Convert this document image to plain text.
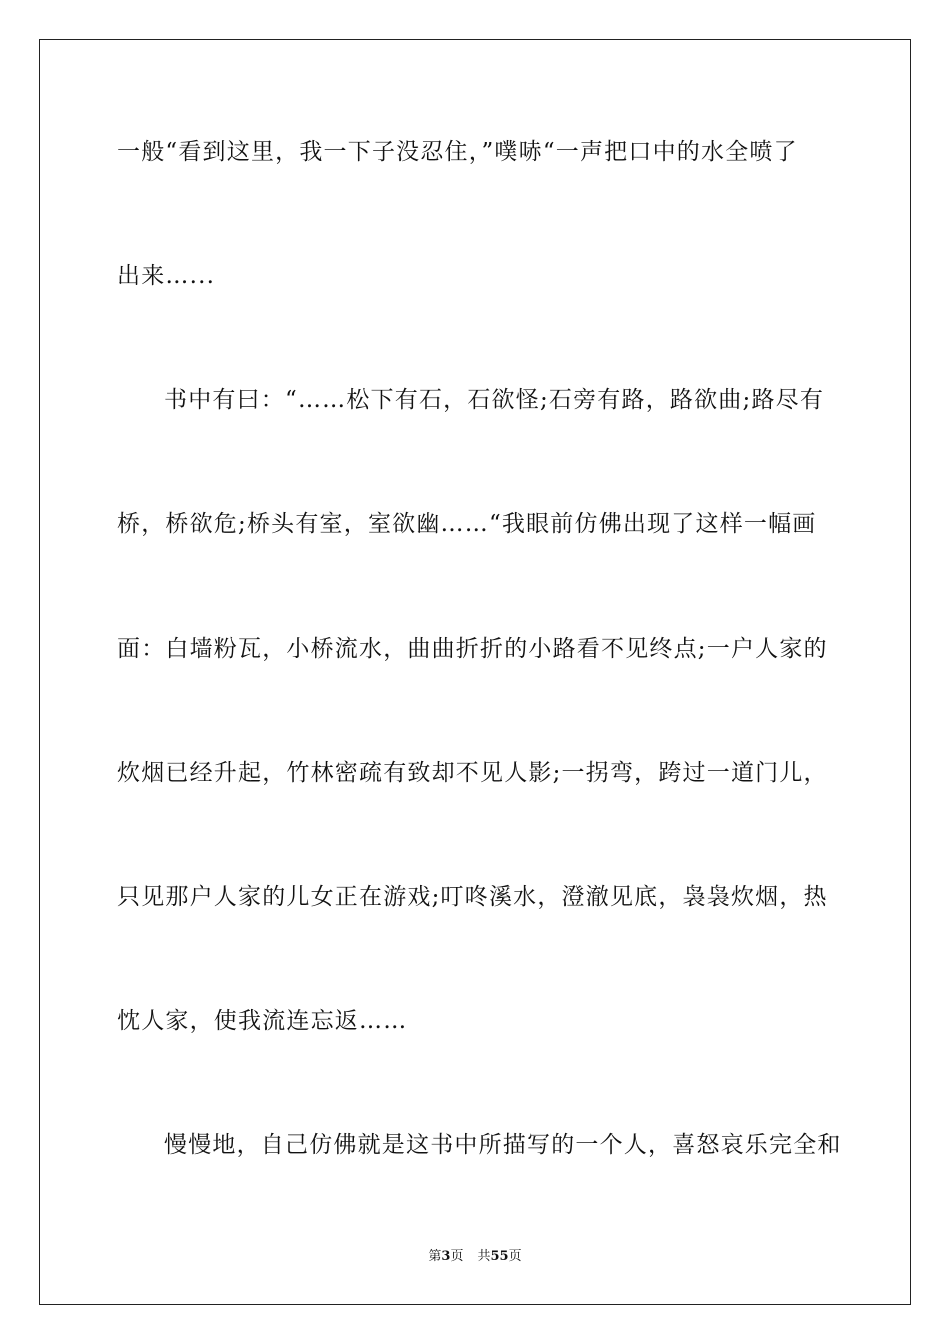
一般“看到这里，我一下子没忍住，”噗哧“一声把口中的水全喷了
出来…...
书中有曰：“……松下有石，石欲怪;石旁有路，路欲曲;路尽有
桥，桥欲危;桥头有室，室欲幽……“我眼前仿佛出现了这样一幅画
面：白墙粉瓦，小桥流水，曲曲折折的小路看不见终点;一户人家的
炊烟已经升起，竹林密疏有致却不见人影;一拐弯，跨过一道门儿，
只见那户人家的儿女正在游戏;叮咚溪水，澄澈见底，袅袅炊烟，热
忱人家，使我流连忘返……
慢慢地，自己仿佛就是这书中所描写的一个人，喜怒哀乐完全和
第3页 共55页
